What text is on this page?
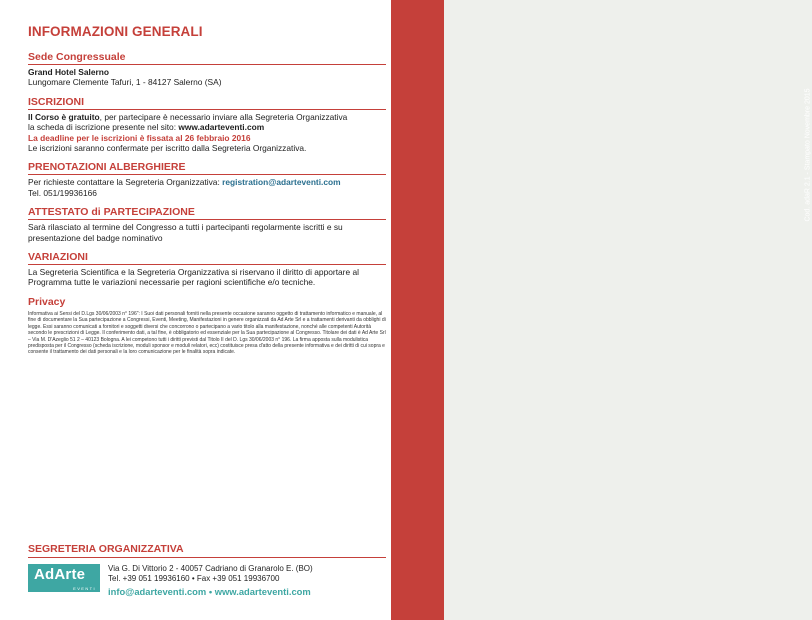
Cod. adaR 2.1 - Stampato Novembre 2015
INFORMAZIONI GENERALI
Sede Congressuale
Grand Hotel Salerno
Lungomare Clemente Tafuri, 1 - 84127 Salerno (SA)
ISCRIZIONI
Il Corso è gratuito, per partecipare è necessario inviare alla Segreteria Organizzativa
la scheda di iscrizione presente nel sito: www.adarteventi.com
La deadline per le iscrizioni è fissata al 26 febbraio 2016
Le iscrizioni saranno confermate per iscritto dalla Segreteria Organizzativa.
PRENOTAZIONI ALBERGHIERE
Per richieste contattare la Segreteria Organizzativa: registration@adarteventi.com
Tel. 051/19936166
ATTESTATO di PARTECIPAZIONE
Sarà rilasciato al termine del Congresso a tutti i partecipanti regolarmente iscritti e su presentazione del badge nominativo
VARIAZIONI
La Segreteria Scientifica e la Segreteria Organizzativa si riservano il diritto di apportare al Programma tutte le variazioni necessarie per ragioni scientifiche e/o tecniche.
Privacy
Informativa ai Sensi del D.Lgs 30/06/2003 n° 196": I Suoi dati personali forniti nella presente occasione saranno oggetto di trattamento informatico e manuale, al fine di documentare la Sua partecipazione a Congressi, Eventi, Meeting, Manifestazioni in genere organizzati da Ad Arte Srl e a trattamenti derivanti da obblighi di legge. Essi saranno comunicati a fornitori e soggetti diversi che concorrono o partecipano a vario titolo alla manifestazione, nonché alle competenti Autorità secondo le prescrizioni di Legge. Il conferimento dati, a tal fine, è obbligatorio ed essenziale per la Sua partecipazione al Congresso. Titolare dei dati è Ad Arte Srl – Via M. D'Azeglio 51 2 – 40123 Bologna. A lei competono tutti i diritti previsti dal Titolo II del D. Lgs 30/06/2003 n° 196. La firma apposta sulla modulistica predisposta per il Congresso (scheda iscrizione, moduli sponsor e moduli relatori, ecc) costituisce presa d'atto della presente informativa e dei diritti di cui sopra e consente il trattamento dei dati personali e la loro comunicazione per le finalità sopra indicate.
SEGRETERIA ORGANIZZATIVA
AdArte
EVENTI
Via G. Di Vittorio 2 - 40057 Cadriano di Granarolo E. (BO)
Tel. +39 051 19936160 • Fax +39 051 19936700
info@adarteventi.com • www.adarteventi.com
